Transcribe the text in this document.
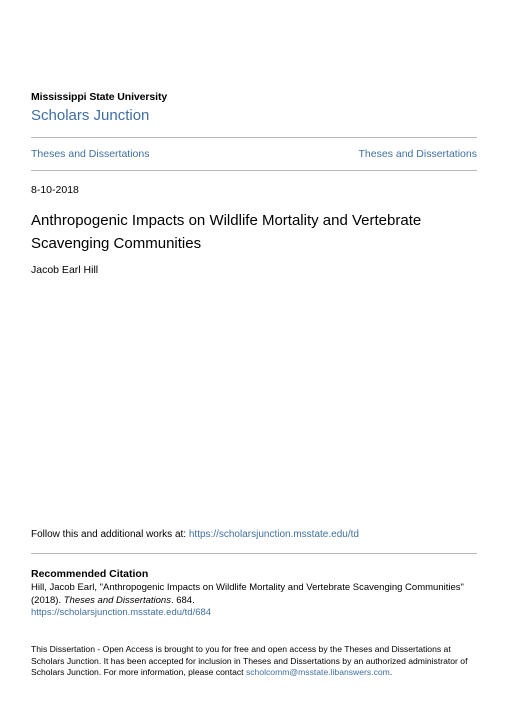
Mississippi State University
Scholars Junction
Theses and Dissertations	Theses and Dissertations
8-10-2018
Anthropogenic Impacts on Wildlife Mortality and Vertebrate Scavenging Communities
Jacob Earl Hill
Follow this and additional works at: https://scholarsjunction.msstate.edu/td
Recommended Citation
Hill, Jacob Earl, "Anthropogenic Impacts on Wildlife Mortality and Vertebrate Scavenging Communities"
(2018). Theses and Dissertations. 684.
https://scholarsjunction.msstate.edu/td/684
This Dissertation - Open Access is brought to you for free and open access by the Theses and Dissertations at Scholars Junction. It has been accepted for inclusion in Theses and Dissertations by an authorized administrator of Scholars Junction. For more information, please contact scholcomm@msstate.libanswers.com.
